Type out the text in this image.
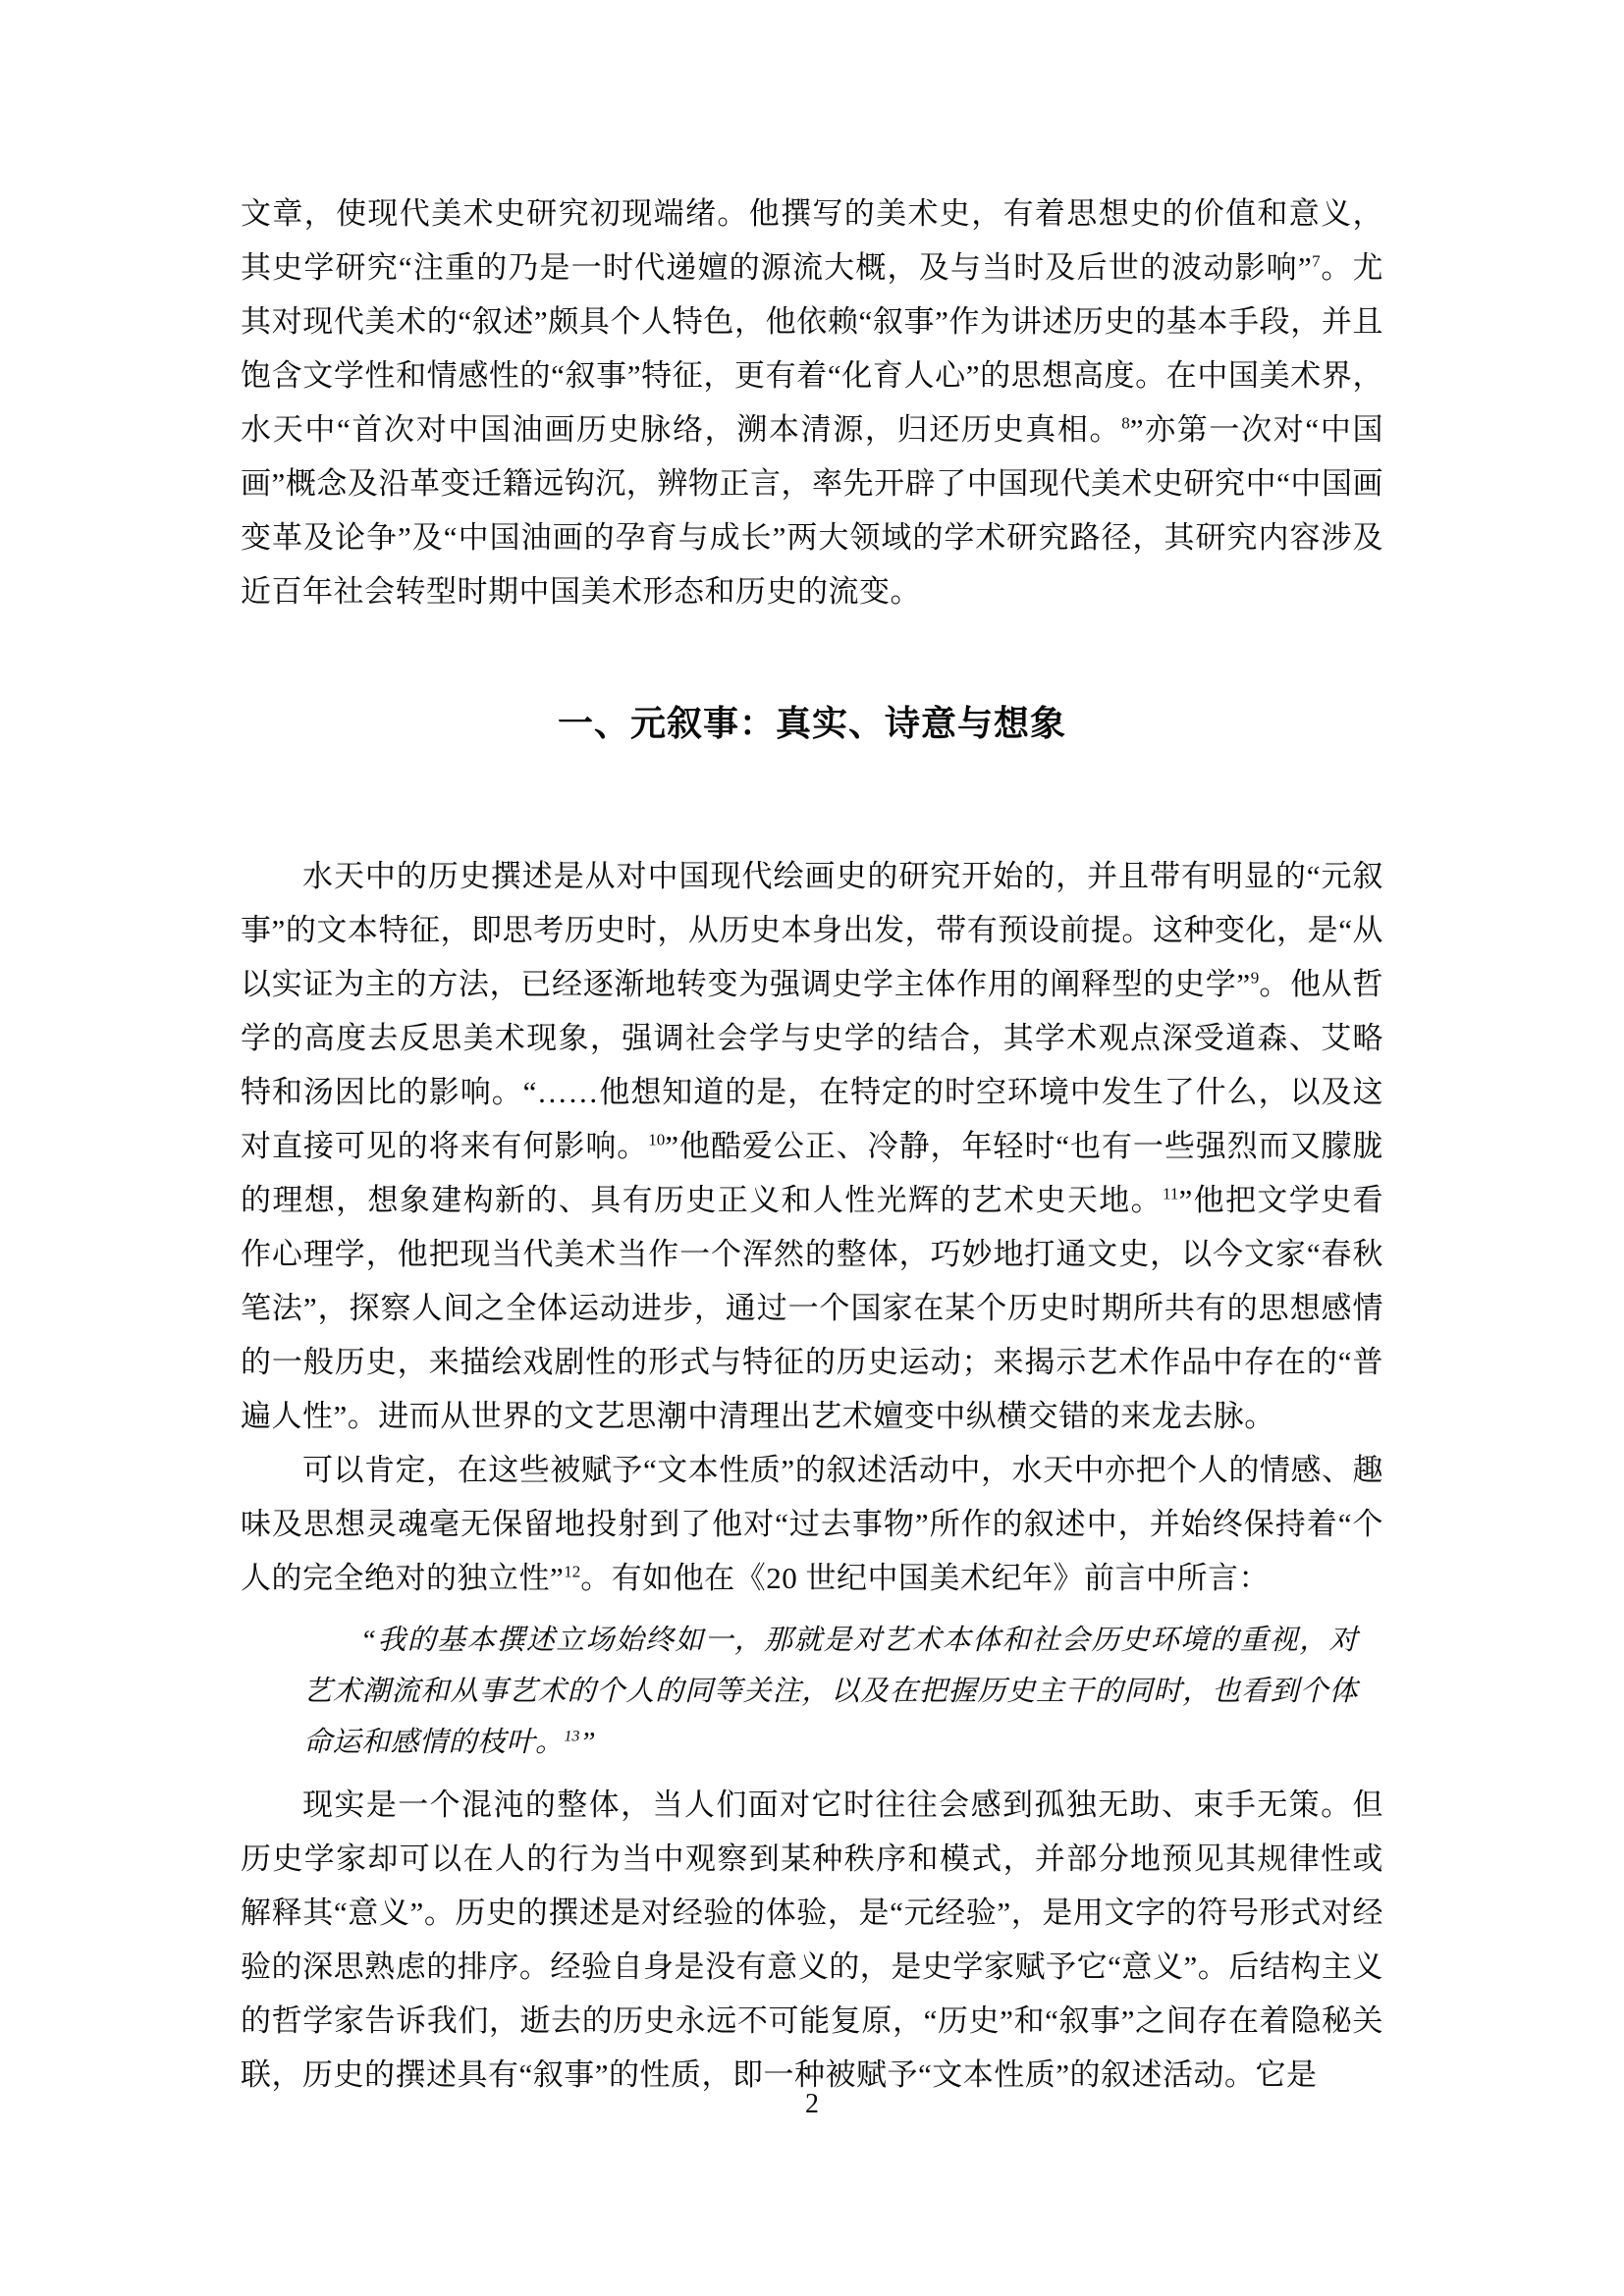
文章，使现代美术史研究初现端绪。他撰写的美术史，有着思想史的价值和意义，其史学研究“注重的乃是一时代递嬗的源流大概，及与当时及后世的波动影响”$^7$。尤其对现代美术的“叙述”颇具个人特色，他依赖“叙事”作为讲述历史的基本手段，并且饱含文学性和情感性的“叙事”特征，更有着“化育人心”的思想高度。在中国美术界，水天中“首次对中国油画历史脉络，溯本清源，归还历史真相。$^8$”亦第一次对“中国画”概念及沿革变迁籍远钩沉，辨物正言，率先开辟了中国现代美术史研究中“中国画变革及论争”及“中国油画的孕育与成长”两大领域的学术研究路径，其研究内容涉及近百年社会转型时期中国美术形态和历史的流变。

一、元叙事：真实、诗意与想象

水天中的历史撰述是从对中国现代绘画史的研究开始的，并且带有明显的“元叙事”的文本特征，即思考历史时，从历史本身出发，带有预设前提。这种变化，是“从以实证为主的方法，已经逐渐地转变为强调史学主体作用的阐释型的史学”$^9$。他从哲学的高度去反思美术现象，强调社会学与史学的结合，其学术观点深受道森、艾略特和汤因比的影响。“……他想知道的是，在特定的时空环境中发生了什么，以及这对直接可见的将来有何影响。$^{10}$”他酷爱公正、冷静，年轻时“也有一些强烈而又朦胧的理想，想象建构新的、具有历史正义和人性光辉的艺术史天地。$^{11}$”他把文学史看作心理学，他把现当代美术当作一个浑然的整体，巧妙地打通文史，以今文家“春秋笔法”，探察人间之全体运动进步，通过一个国家在某个历史时期所共有的思想感情的一般历史，来描绘戏剧性的形式与特征的历史运动；来揭示艺术作品中存在的“普遍人性”。进而从世界的文艺思潮中清理出艺术嬗变中纵横交错的来龙去脉。

可以肯定，在这些被赋予“文本性质”的叙述活动中，水天中亦把个人的情感、趣味及思想灵魂毫无保留地投射到了他对“过去事物”所作的叙述中，并始终保持着“个人的完全绝对的独立性”$^{12}$。有如他在《20 世纪中国美术纪年》前言中所言：

“我的基本撰述立场始终如一，那就是对艺术本体和社会历史环境的重视，对艺术潮流和从事艺术的个人的同等关注，以及在把握历史主干的同时，也看到个体命运和感情的枝叶。$^{13}$”

现实是一个混沌的整体，当人们面对它时往往会感到孤独无助、束手无策。但历史学家却可以在人的行为当中观察到某种秩序和模式，并部分地预见其规律性或解释其“意义”。历史的撰述是对经验的体验，是“元经验”，是用文字的符号形式对经验的深思熟虑的排序。经验自身是没有意义的，是史学家赋予它“意义”。后结构主义的哲学家告诉我们，逝去的历史永远不可能复原，“历史”和“叙事”之间存在着隐秘关联，历史的撰述具有“叙事”的性质，即一种被赋予“文本性质”的叙述活动。它是

2
